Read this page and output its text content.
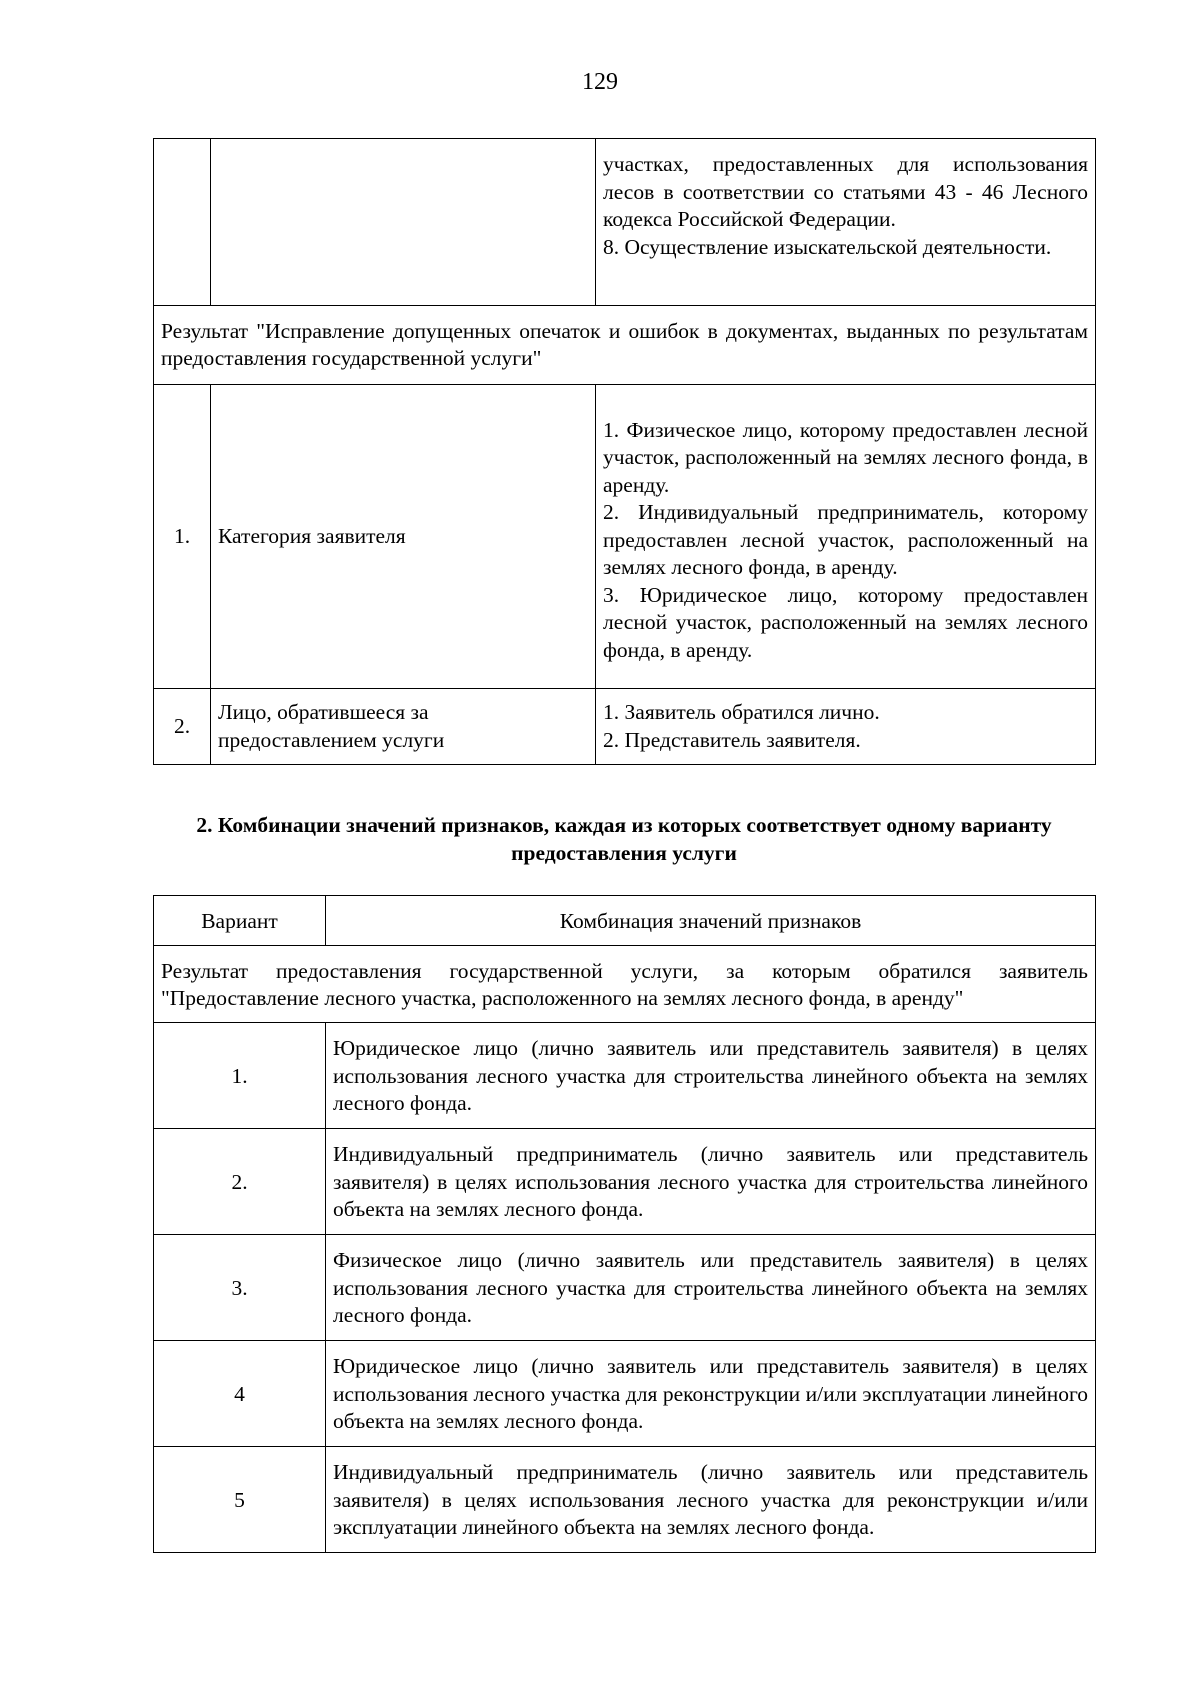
129

		участках, предоставленных для использования лесов в соответствии со статьями 43 - 46 Лесного кодекса Российской Федерации.
8. Осуществление изыскательской деятельности.

Результат "Исправление допущенных опечаток и ошибок в документах, выданных по результатам предоставления государственной услуги"		
1.	Категория заявителя	1. Физическое лицо, которому предоставлен лесной участок, расположенный на землях лесного фонда, в аренду.
2. Индивидуальный предприниматель, которому предоставлен лесной участок, расположенный на землях лесного фонда, в аренду.
3. Юридическое лицо, которому предоставлен лесной участок, расположенный на землях лесного фонда, в аренду.

2.	Лицо, обратившееся за предоставлением услуги	1. Заявитель обратился лично.
2. Представитель заявителя.
2. Комбинации значений признаков, каждая из которых соответствует одному варианту предоставления услуги
Вариант	Комбинация значений признаков
Результат предоставления государственной услуги, за которым обратился заявитель "Предоставление лесного участка, расположенного на землях лесного фонда, в аренду"	
1.	Юридическое лицо (лично заявитель или представитель заявителя) в целях использования лесного участка для строительства линейного объекта на землях лесного фонда.
2.	Индивидуальный предприниматель (лично заявитель или представитель заявителя) в целях использования лесного участка для строительства линейного объекта на землях лесного фонда.
3.	Физическое лицо (лично заявитель или представитель заявителя) в целях использования лесного участка для строительства линейного объекта на землях лесного фонда.
4	Юридическое лицо (лично заявитель или представитель заявителя) в целях использования лесного участка для реконструкции и/или эксплуатации линейного объекта на землях лесного фонда.
5	Индивидуальный предприниматель (лично заявитель или представитель заявителя) в целях использования лесного участка для реконструкции и/или эксплуатации линейного объекта на землях лесного фонда.
